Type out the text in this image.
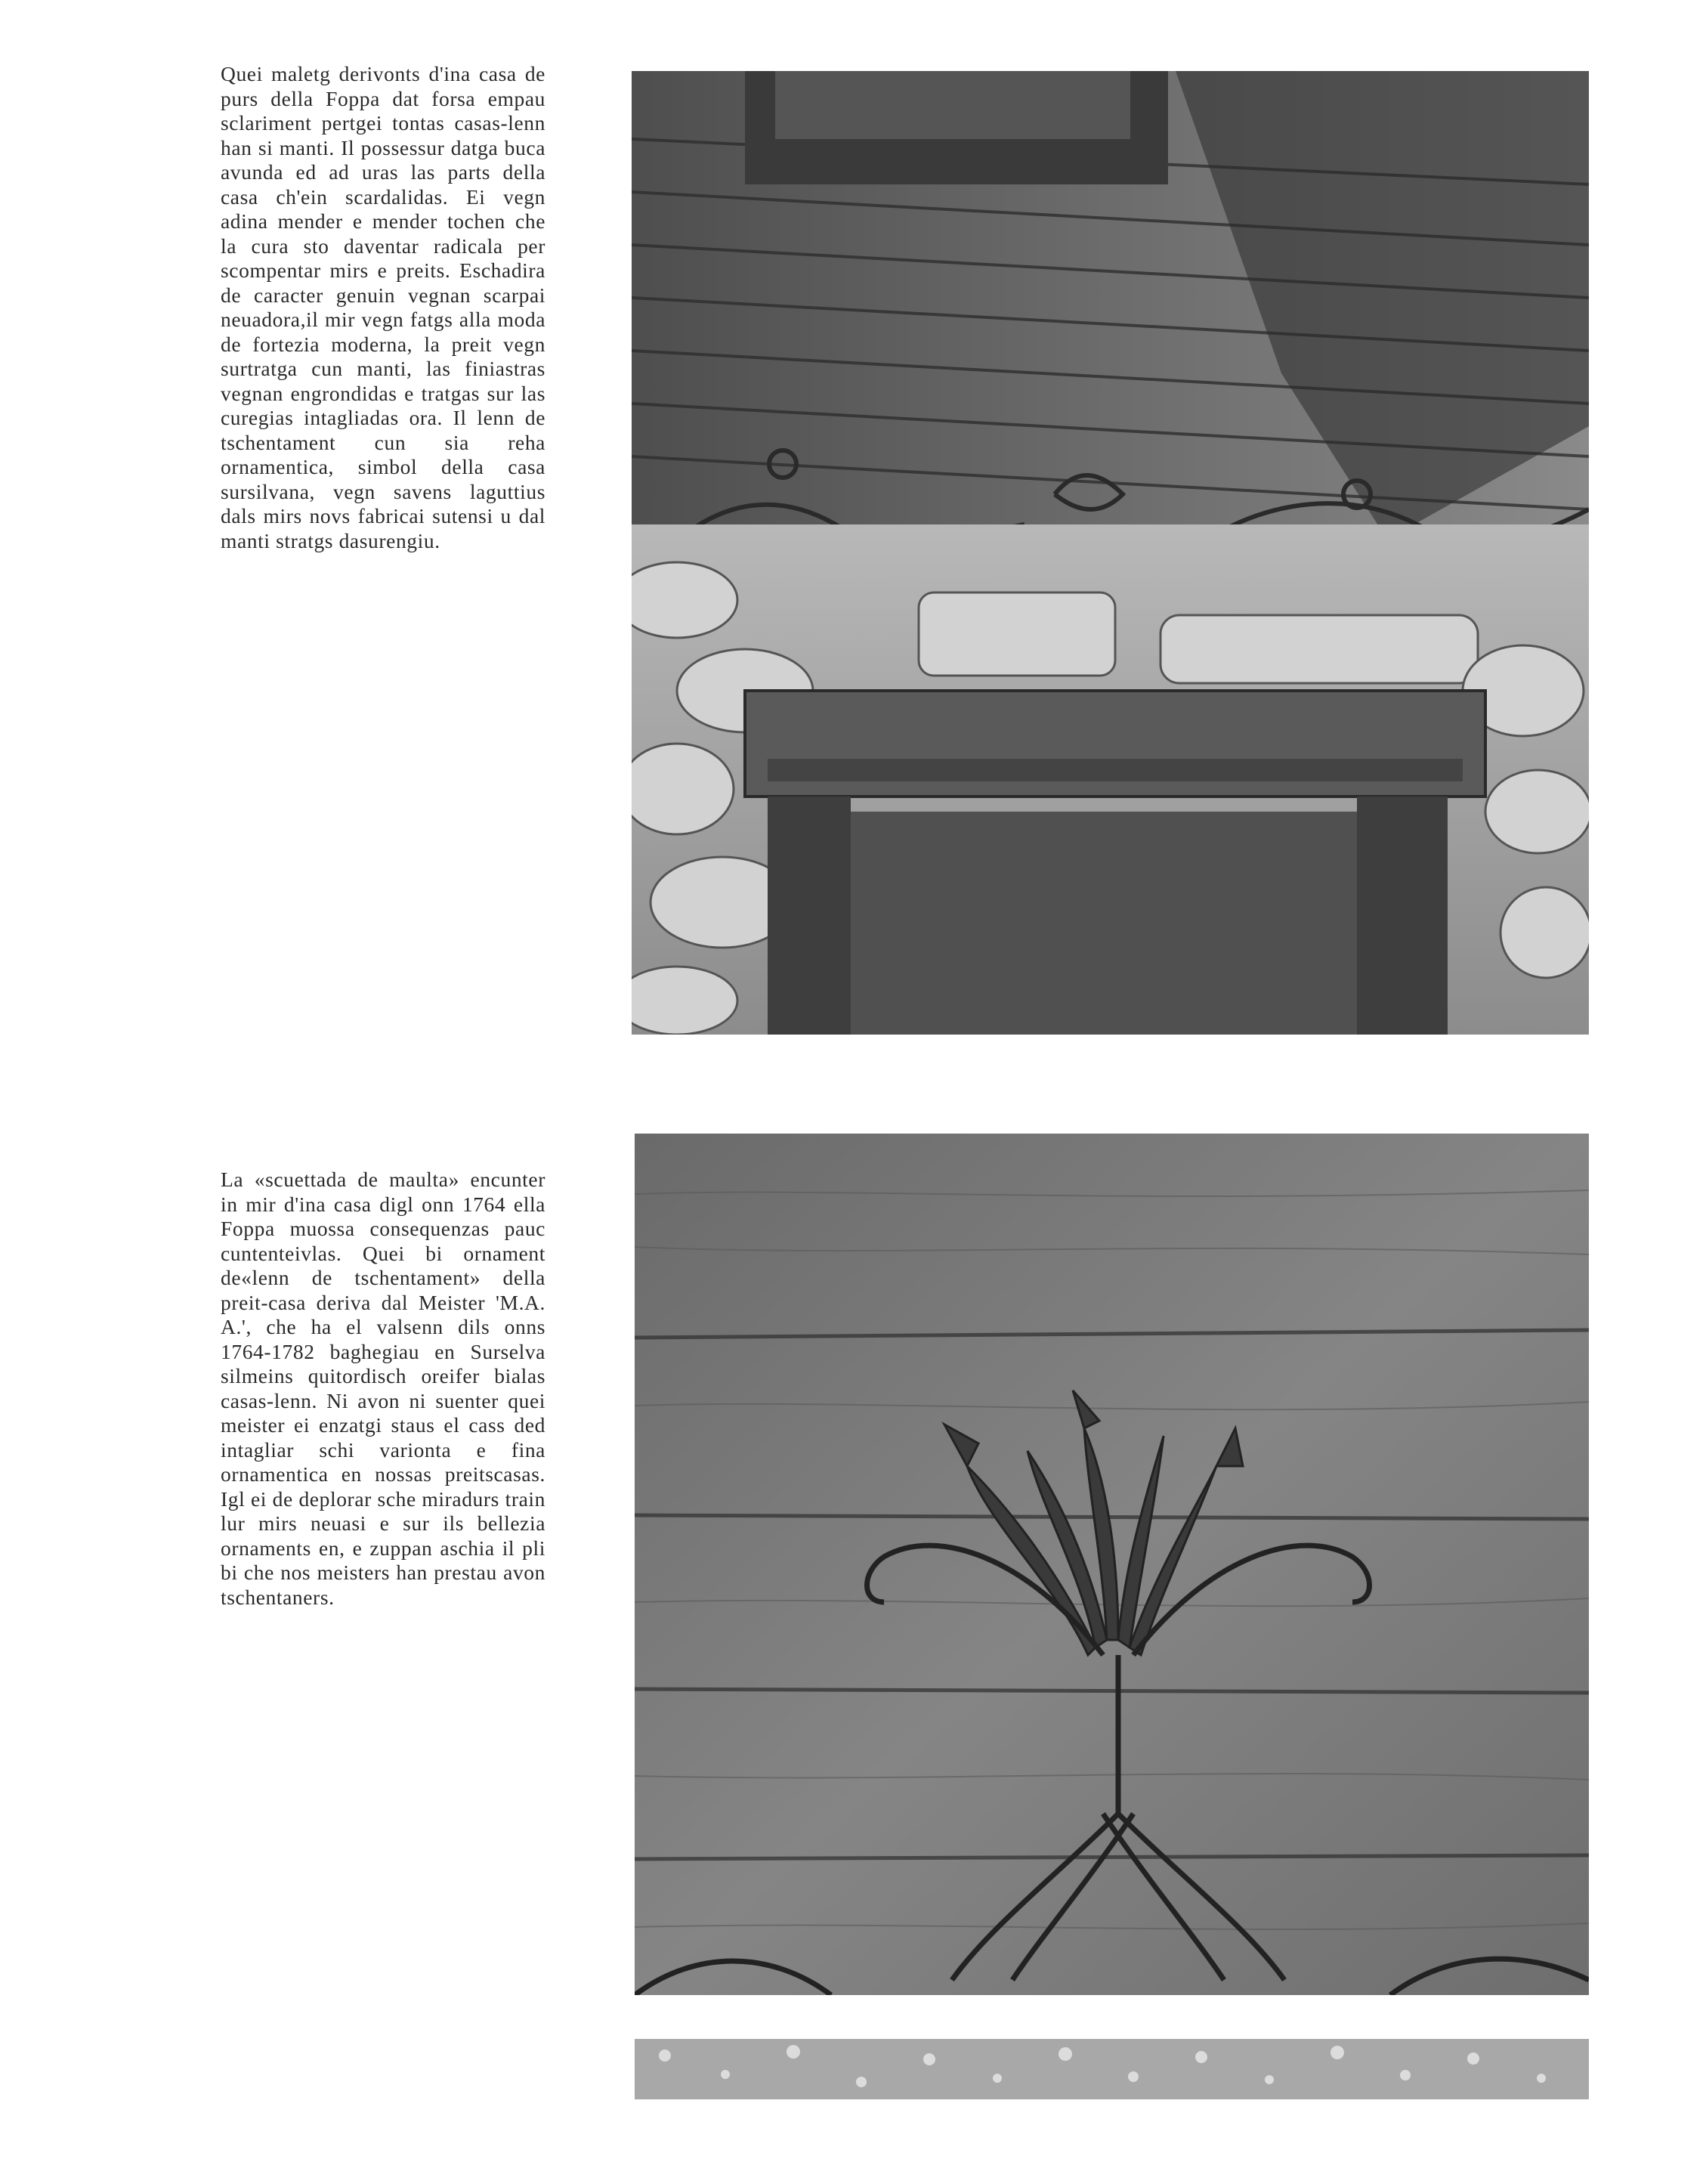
Quei maletg derivonts d'ina casa de purs della Foppa dat forsa empau sclariment pertgei tontas casas-lenn han si manti. Il possessur datga buca avunda ed ad uras las parts della casa ch'ein scardalidas. Ei vegn adina mender e mender tochen che la cura sto daventar radicala per scompentar mirs e preits. Eschadira de caracter genuin vegnan scarpai neuadora,il mir vegn fatgs alla moda de fortezia moderna, la preit vegn surtratga cun manti, las finiastras vegnan engrondidas e tratgas sur las curegias intagliadas ora. Il lenn de tschentament cun sia reha ornamentica, simbol della casa sursilvana, vegn savens laguttius dals mirs novs fabricai sutensi u dal manti stratgs dasurengiu.
La «scuettada de maulta» encunter in mir d'ina casa digl onn 1764 ella Foppa muossa consequenzas pauc cuntenteivlas. Quei bi ornament de«lenn de tschentament» della preit-casa deriva dal Meister 'M.A. A.', che ha el valsenn dils onns 1764-1782 baghegiau en Surselva silmeins quitordisch oreifer bialas casas-lenn. Ni avon ni suenter quei meister ei enzatgi staus el cass ded intagliar schi varionta e fina ornamentica en nossas preitscasas. Igl ei de deplorar sche miradurs train lur mirs neuasi e sur ils bellezia ornaments en, e zuppan aschia il pli bi che nos meisters han prestau avon tschentaners.
